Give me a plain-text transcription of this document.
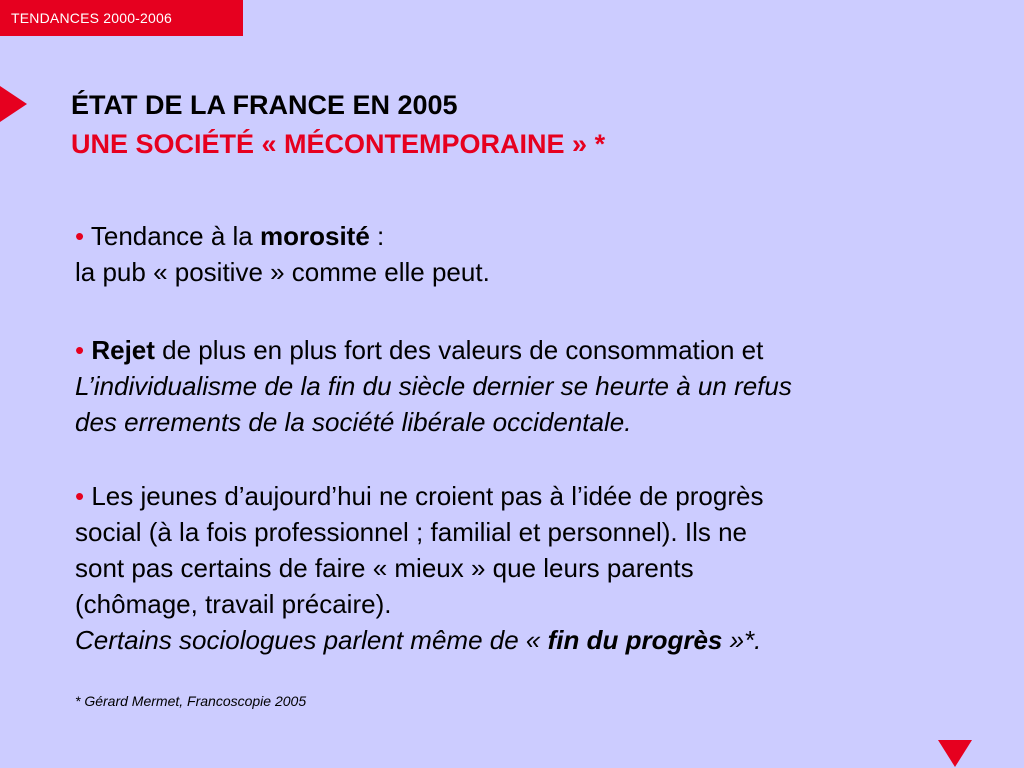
TENDANCES 2000-2006
ÉTAT DE LA FRANCE EN 2005
UNE SOCIÉTÉ « MÉCONTEMPORAINE » *
• Tendance à la morosité :
la pub « positive » comme elle peut.
• Rejet de plus en plus fort des valeurs de consommation et
L’individualisme de la fin du siècle dernier se heurte à un refus
des errements de la société libérale occidentale.
• Les jeunes d’aujourd’hui ne croient pas à l’idée de progrès
social (à la fois professionnel ; familial et personnel). Ils ne
sont pas certains de faire « mieux » que leurs parents
(chômage, travail précaire).
Certains sociologues parlent même de « fin du progrès »*.
* Gérard Mermet, Francoscopie 2005
